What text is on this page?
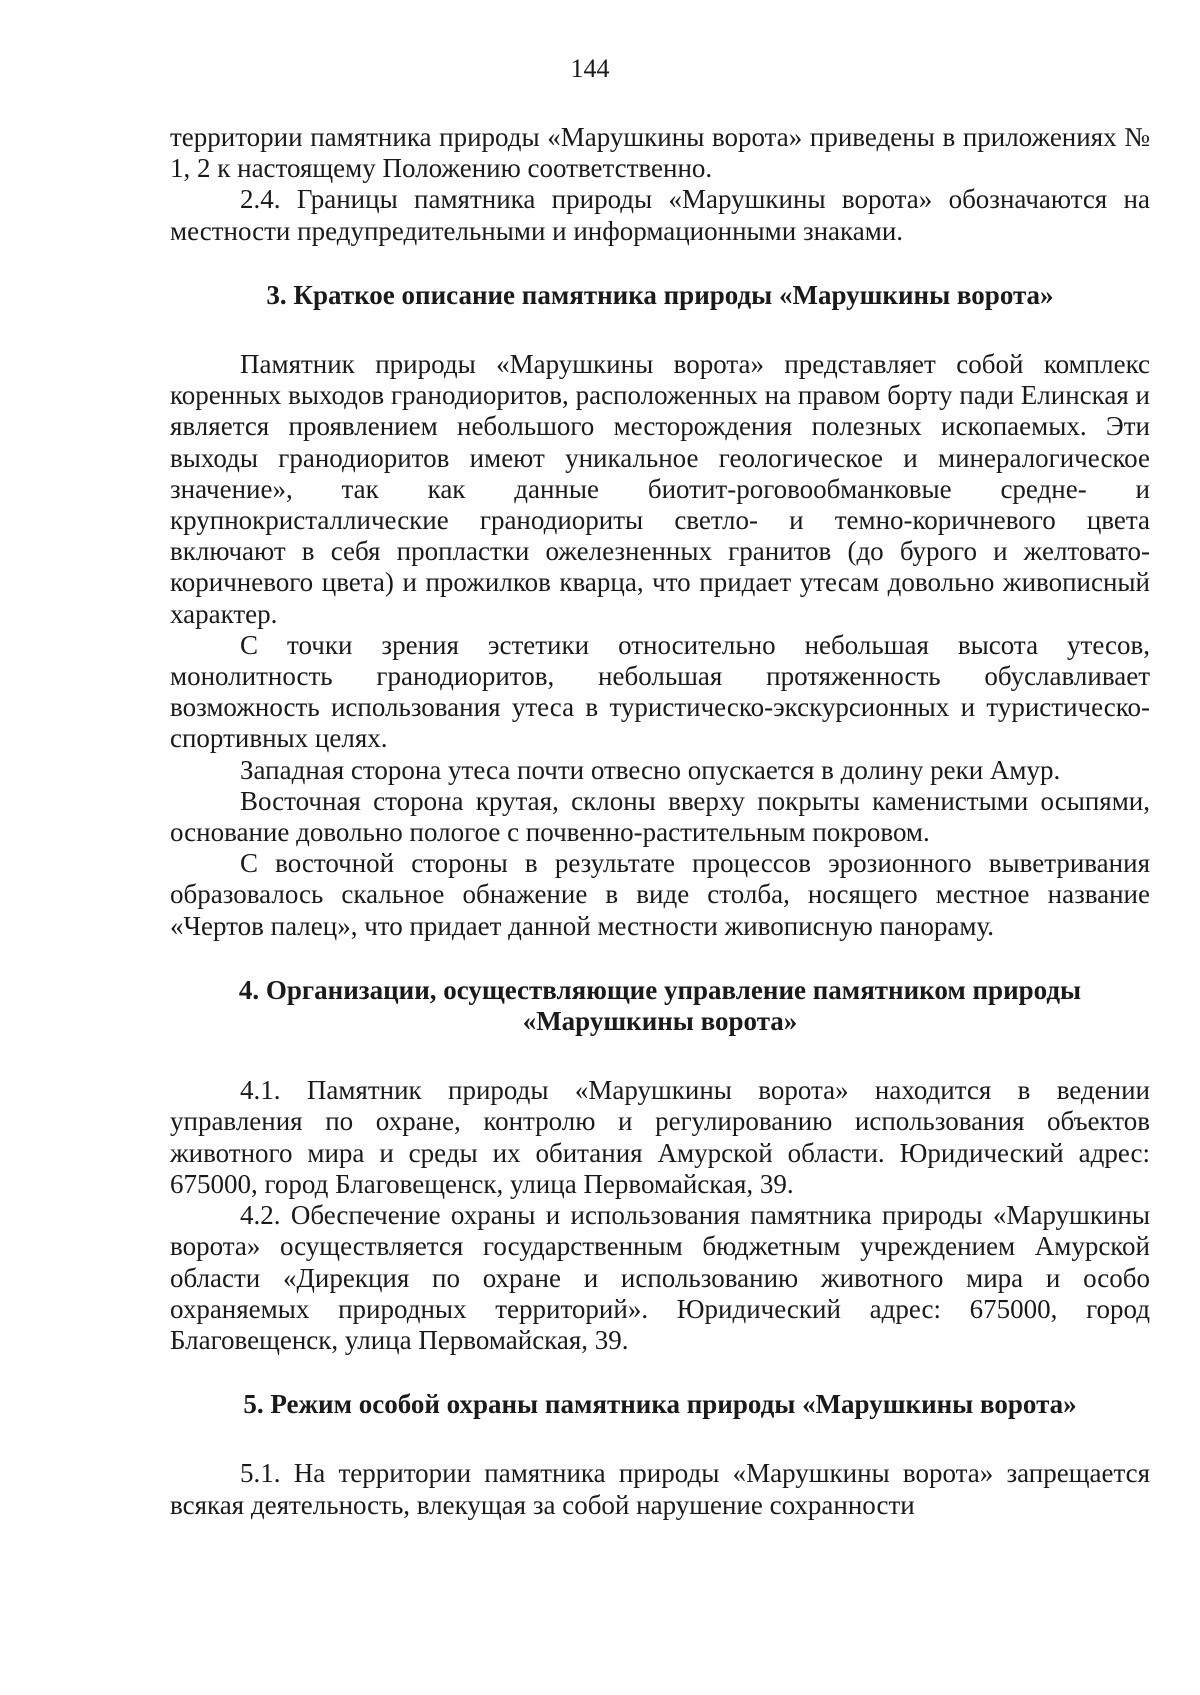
144

территории памятника природы «Марушкины ворота» приведены в приложениях № 1, 2 к настоящему Положению соответственно.

2.4. Границы памятника природы «Марушкины ворота» обозначаются на местности предупредительными и информационными знаками.

3. Краткое описание памятника природы «Марушкины ворота»

Памятник природы «Марушкины ворота» представляет собой комплекс коренных выходов гранодиоритов, расположенных на правом борту пади Елинская и является проявлением небольшого месторождения полезных ископаемых. Эти выходы гранодиоритов имеют уникальное геологическое и минералогическое значение», так как данные биотит-роговообманковые средне- и крупнокристаллические гранодиориты светло- и темно-коричневого цвета включают в себя пропластки ожелезненных гранитов (до бурого и желтовато-коричневого цвета) и прожилков кварца, что придает утесам довольно живописный характер.

С точки зрения эстетики относительно небольшая высота утесов, монолитность гранодиоритов, небольшая протяженность обуславливает возможность использования утеса в туристическо-экскурсионных и туристическо-спортивных целях.

Западная сторона утеса почти отвесно опускается в долину реки Амур.

Восточная сторона крутая, склоны вверху покрыты каменистыми осыпями, основание довольно пологое с почвенно-растительным покровом.

С восточной стороны в результате процессов эрозионного выветривания образовалось скальное обнажение в виде столба, носящего местное название «Чертов палец», что придает данной местности живописную панораму.

4. Организации, осуществляющие управление памятником природы «Марушкины ворота»

4.1. Памятник природы «Марушкины ворота» находится в ведении управления по охране, контролю и регулированию использования объектов животного мира и среды их обитания Амурской области. Юридический адрес: 675000, город Благовещенск, улица Первомайская, 39.

4.2. Обеспечение охраны и использования памятника природы «Марушкины ворота» осуществляется государственным бюджетным учреждением Амурской области «Дирекция по охране и использованию животного мира и особо охраняемых природных территорий». Юридический адрес: 675000, город Благовещенск, улица Первомайская, 39.

5. Режим особой охраны памятника природы «Марушкины ворота»

5.1. На территории памятника природы «Марушкины ворота» запрещается всякая деятельность, влекущая за собой нарушение сохранности
